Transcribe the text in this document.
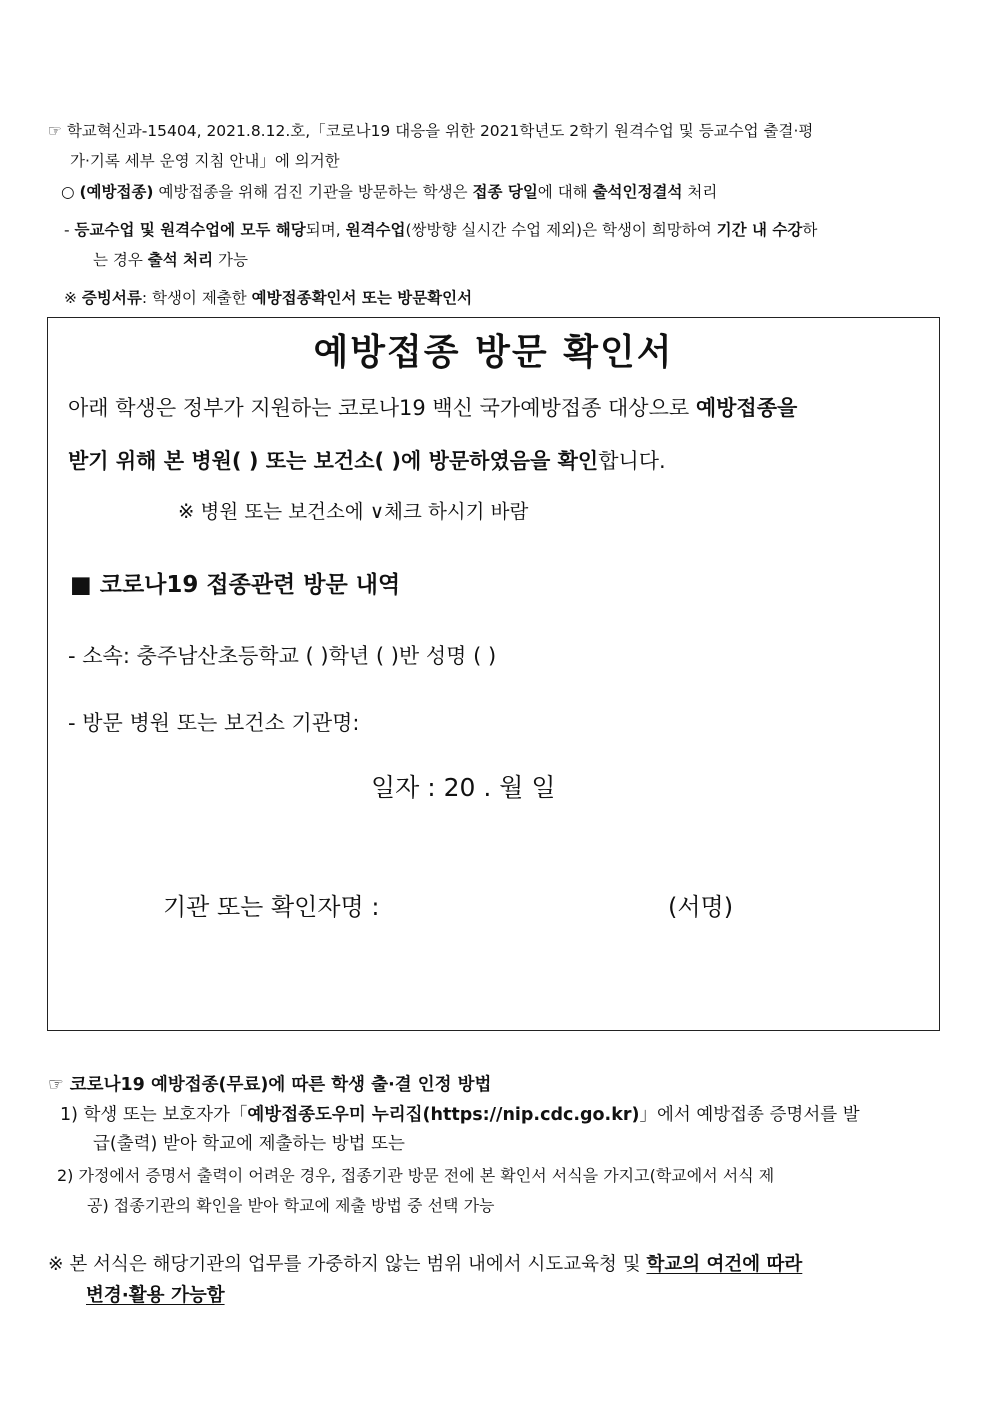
☞ 학교혁신과-15404, 2021.8.12.호,「코로나19 대응을 위한 2021학년도 2학기 원격수업 및 등교수업 출결·평
가·기록 세부 운영 지침 안내」에 의거한
○ (예방접종) 예방접종을 위해 검진 기관을 방문하는 학생은 접종 당일에 대해 출석인정결석 처리
- 등교수업 및 원격수업에 모두 해당되며, 원격수업(쌍방향 실시간 수업 제외)은 학생이 희망하여 기간 내 수강하
는 경우 출석 처리 가능
※ 증빙서류: 학생이 제출한 예방접종확인서 또는 방문확인서
예방접종 방문 확인서
아래 학생은 정부가 지원하는 코로나19 백신 국가예방접종 대상으로 예방접종을
받기 위해 본 병원( ) 또는 보건소( )에 방문하였음을 확인합니다.
※ 병원 또는 보건소에 ∨체크 하시기 바람
■ 코로나19 접종관련 방문 내역
- 소속: 충주남산초등학교 ( )학년 ( )반 성명 ( )
- 방문 병원 또는 보건소 기관명:
일자 : 20 . 월 일
기관 또는 확인자명 :	(서명)
☞ 코로나19 예방접종(무료)에 따른 학생 출·결 인정 방법
1) 학생 또는 보호자가「예방접종도우미 누리집(https://nip.cdc.go.kr)」에서 예방접종 증명서를 발
급(출력) 받아 학교에 제출하는 방법 또는
2) 가정에서 증명서 출력이 어려운 경우, 접종기관 방문 전에 본 확인서 서식을 가지고(학교에서 서식 제
공) 접종기관의 확인을 받아 학교에 제출 방법 중 선택 가능
※ 본 서식은 해당기관의 업무를 가중하지 않는 범위 내에서 시도교육청 및 학교의 여건에 따라
변경·활용 가능함
